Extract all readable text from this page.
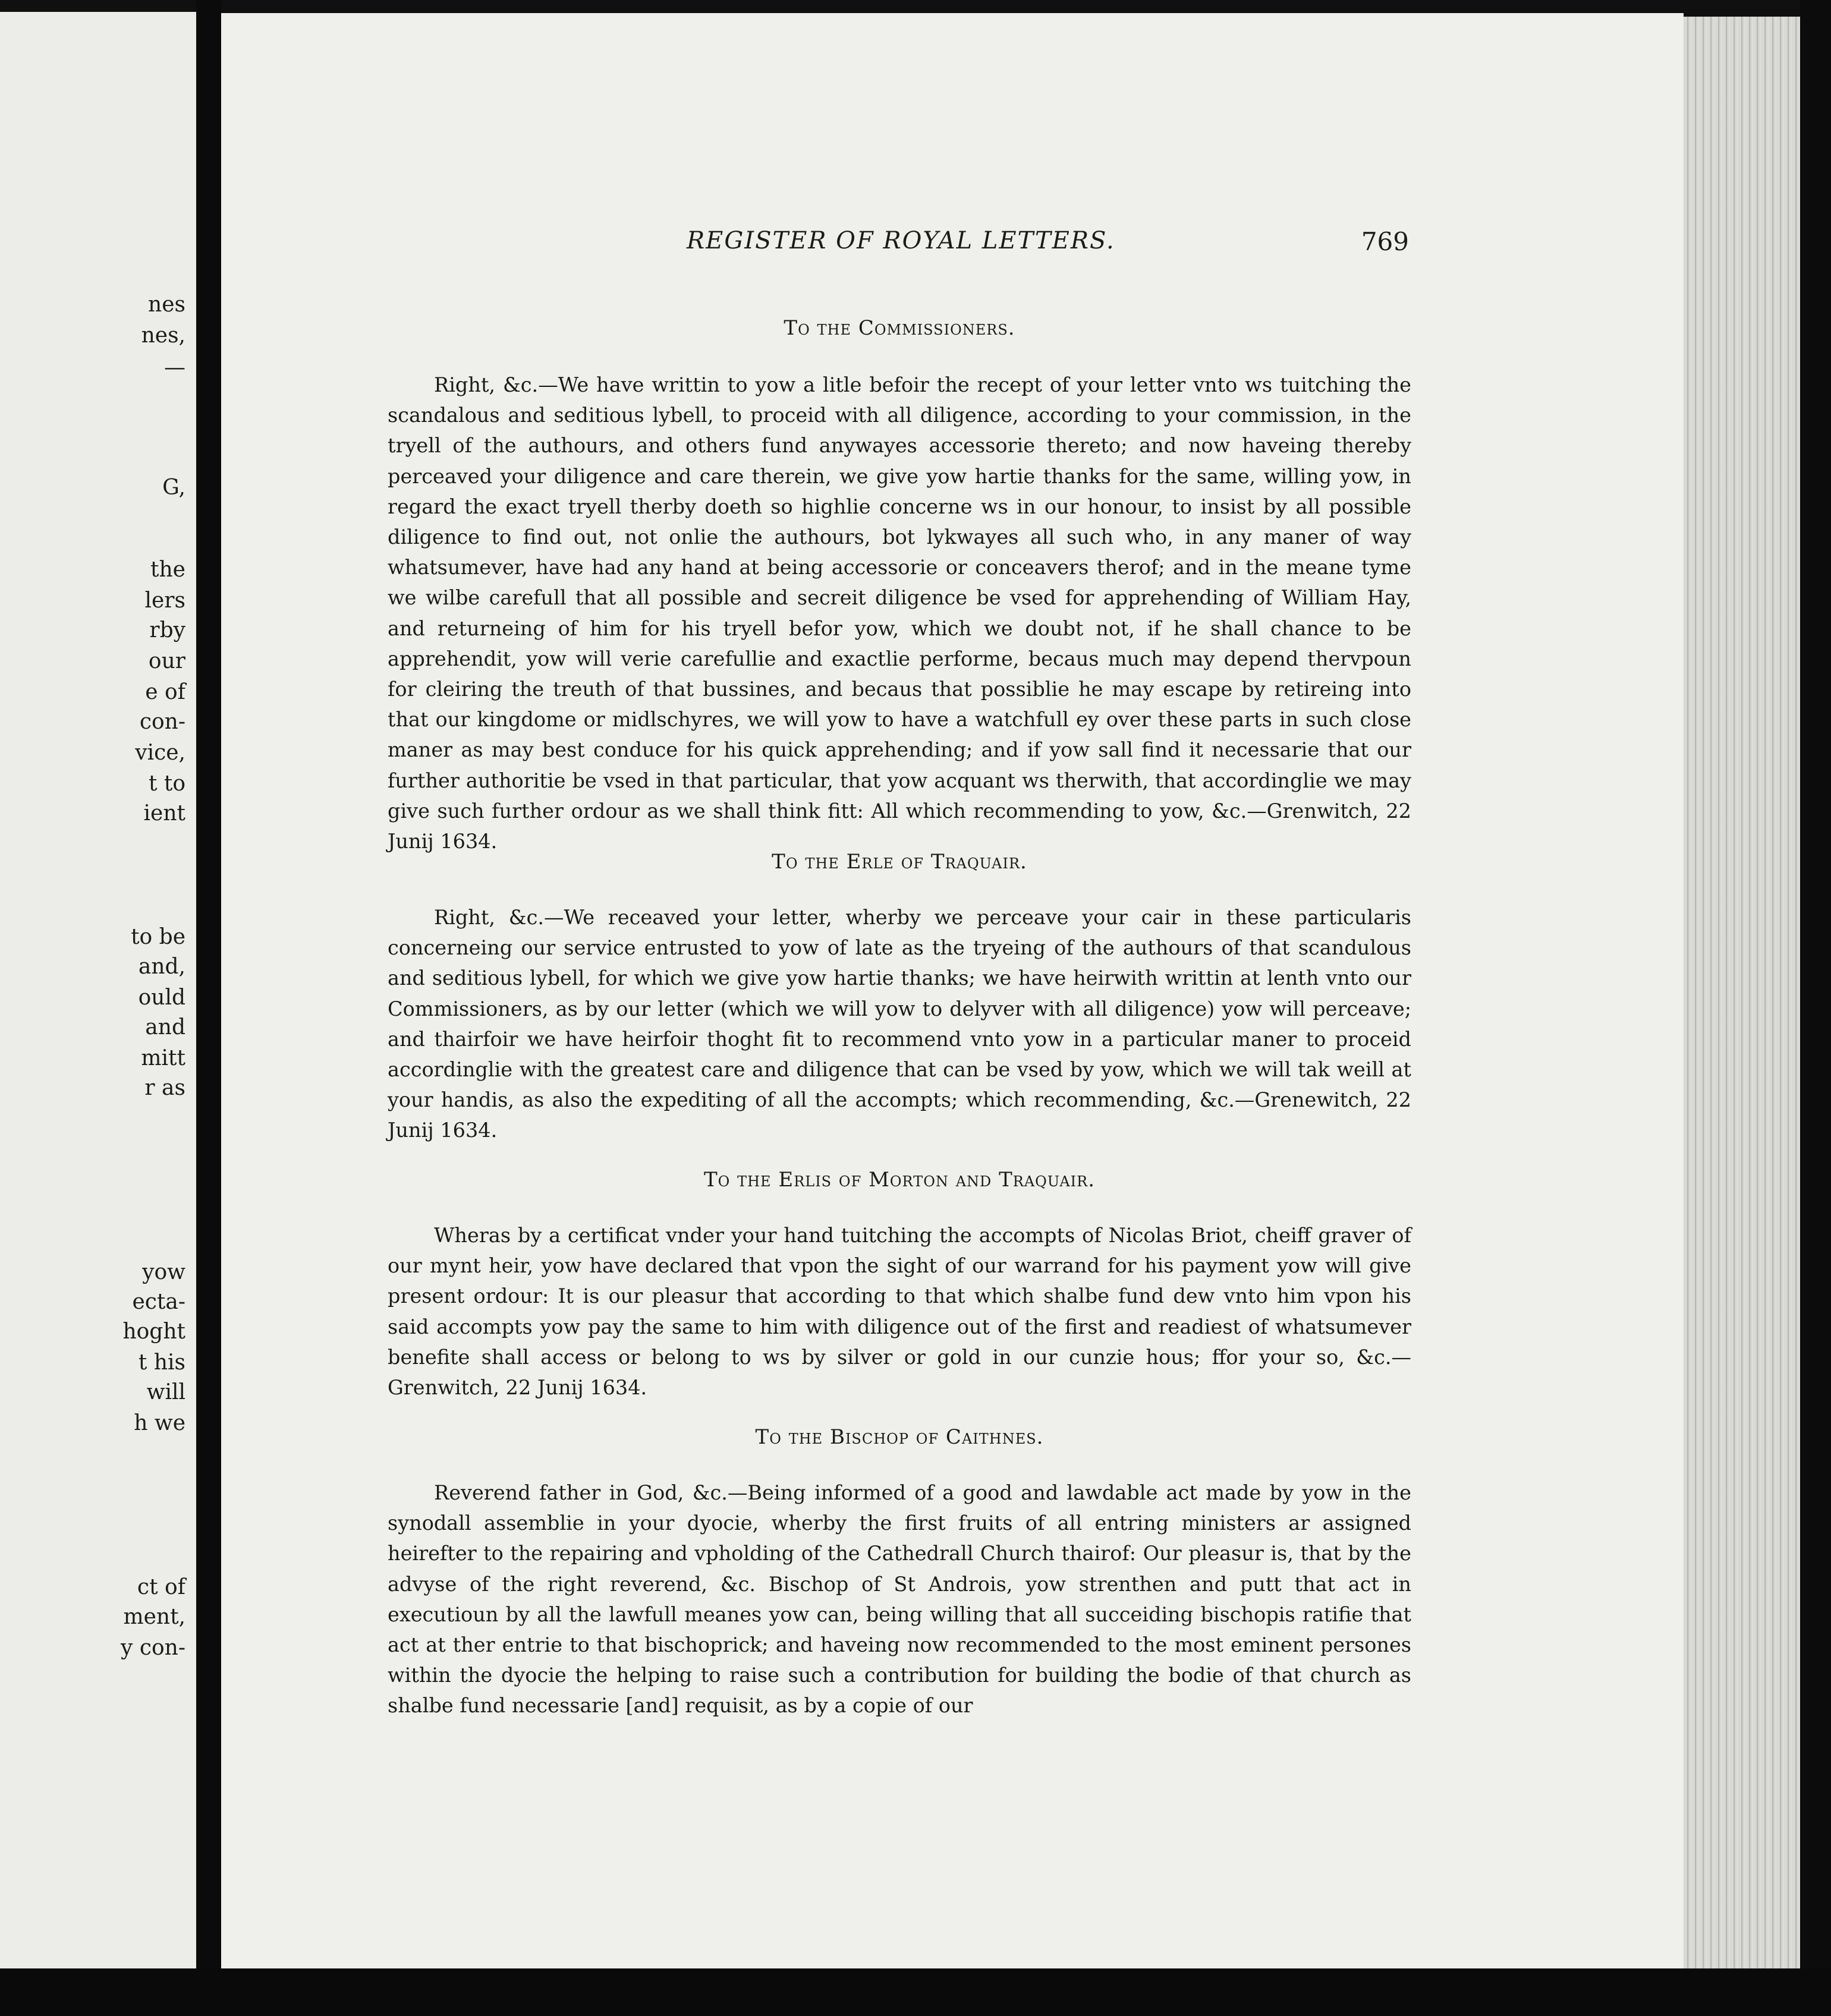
nes
nes,
—
G,
the
lers
rby
our
e of
con-
vice,
t to
ient
to be
and,
ould
and
mitt
r as
yow
ecta-
hoght
t his
will
h we
ct of
ment,
y con-
REGISTER OF ROYAL LETTERS.	769
To the Commissioners.

Right, &c.—We have writtin to yow a litle befoir the recept of your letter vnto ws tuitching the scandalous and seditious lybell, to proceid with all diligence, according to your commission, in the tryell of the authours, and others fund anywayes accessorie thereto; and now haveing thereby perceaved your diligence and care therein, we give yow hartie thanks for the same, willing yow, in regard the exact tryell therby doeth so highlie concerne ws in our honour, to insist by all possible diligence to find out, not onlie the authours, bot lykwayes all such who, in any maner of way whatsumever, have had any hand at being accessorie or conceavers therof; and in the meane tyme we wilbe carefull that all possible and secreit diligence be vsed for apprehending of William Hay, and returneing of him for his tryell befor yow, which we doubt not, if he shall chance to be apprehendit, yow will verie carefullie and exactlie performe, becaus much may depend thervpoun for cleiring the treuth of that bussines, and becaus that possiblie he may escape by retireing into that our kingdome or midlschyres, we will yow to have a watchfull ey over these parts in such close maner as may best conduce for his quick apprehending; and if yow sall find it necessarie that our further authoritie be vsed in that particular, that yow acquant ws therwith, that accordinglie we may give such further ordour as we shall think fitt: All which recommending to yow, &c.—Grenwitch, 22 Junij 1634.

To the Erle of Traquair.

Right, &c.—We receaved your letter, wherby we perceave your cair in these particularis concerneing our service entrusted to yow of late as the tryeing of the authours of that scandulous and seditious lybell, for which we give yow hartie thanks; we have heirwith writtin at lenth vnto our Commissioners, as by our letter (which we will yow to delyver with all diligence) yow will perceave; and thairfoir we have heirfoir thoght fit to recommend vnto yow in a particular maner to proceid accordinglie with the greatest care and diligence that can be vsed by yow, which we will tak weill at your handis, as also the expediting of all the accompts; which recommending, &c.—Grenewitch, 22 Junij 1634.

To the Erlis of Morton and Traquair.

Wheras by a certificat vnder your hand tuitching the accompts of Nicolas Briot, cheiff graver of our mynt heir, yow have declared that vpon the sight of our warrand for his payment yow will give present ordour: It is our pleasur that according to that which shalbe fund dew vnto him vpon his said accompts yow pay the same to him with diligence out of the first and readiest of whatsumever benefite shall access or belong to ws by silver or gold in our cunzie hous; ffor your so, &c.—Grenwitch, 22 Junij 1634.

To the Bischop of Caithnes.

Reverend father in God, &c.—Being informed of a good and lawdable act made by yow in the synodall assemblie in your dyocie, wherby the first fruits of all entring ministers ar assigned heirefter to the repairing and vpholding of the Cathedrall Church thairof: Our pleasur is, that by the advyse of the right reverend, &c. Bischop of St Androis, yow strenthen and putt that act in executioun by all the lawfull meanes yow can, being willing that all succeiding bischopis ratifie that act at ther entrie to that bischoprick; and haveing now recommended to the most eminent persones within the dyocie the helping to raise such a contribution for building the bodie of that church as shalbe fund necessarie [and] requisit, as by a copie of our
